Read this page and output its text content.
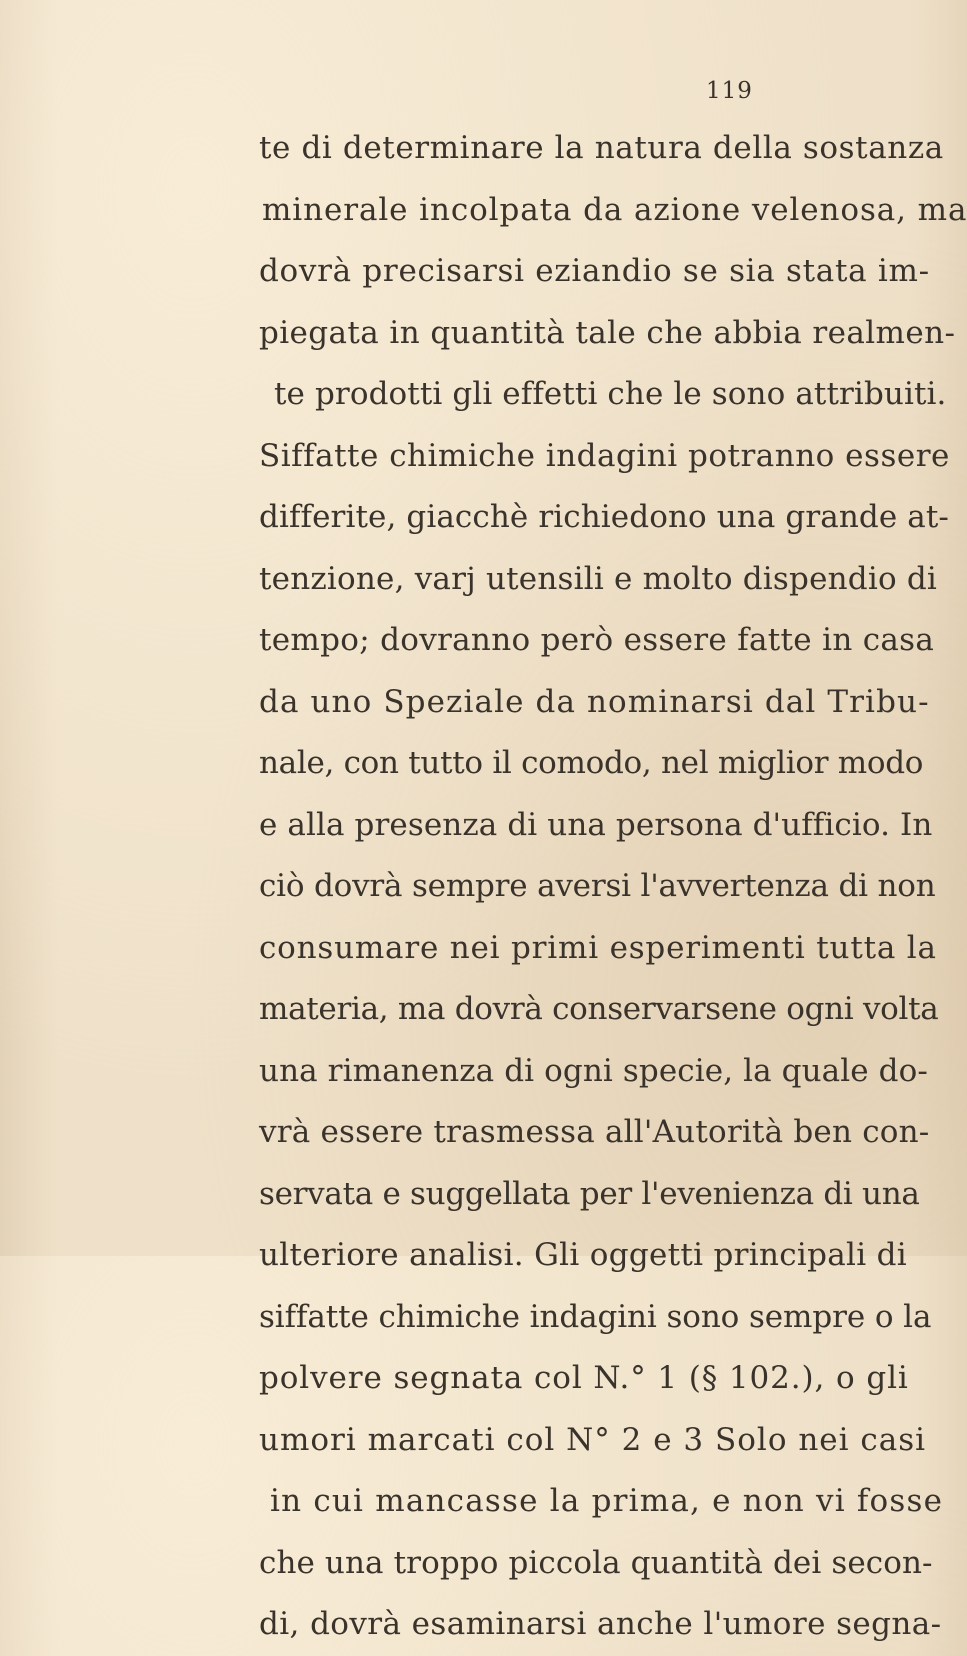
119
te di determinare la natura della sostanza
minerale incolpata da azione velenosa, ma
dovrà precisarsi eziandio se sia stata im-
piegata in quantità tale che abbia realmen-
te prodotti gli effetti che le sono attribuiti.
Siffatte chimiche indagini potranno essere
differite, giacchè richiedono una grande at-
tenzione, varj utensili e molto dispendio di
tempo; dovranno però essere fatte in casa
da uno Speziale da nominarsi dal Tribu-
nale, con tutto il comodo, nel miglior modo
e alla presenza di una persona d'ufficio. In
ciò dovrà sempre aversi l'avvertenza di non
consumare nei primi esperimenti tutta la
materia, ma dovrà conservarsene ogni volta
una rimanenza di ogni specie, la quale do-
vrà essere trasmessa all'Autorità ben con-
servata e suggellata per l'evenienza di una
ulteriore analisi. Gli oggetti principali di
siffatte chimiche indagini sono sempre o la
polvere segnata col N.° 1 (§ 102.), o gli
umori marcati col N° 2 e 3 Solo nei casi
in cui mancasse la prima, e non vi fosse
che una troppo piccola quantità dei secon-
di, dovrà esaminarsi anche l'umore segna-
